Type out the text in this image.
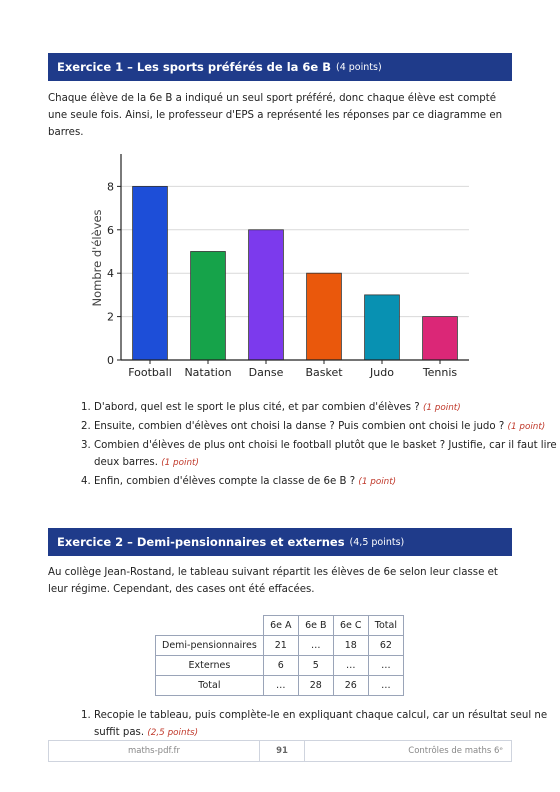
Exercice 1 – Les sports préférés de la 6e B (4 points)

Chaque élève de la 6e B a indiqué un seul sport préféré, donc chaque élève est compté une seule fois. Ainsi, le professeur d'EPS a représenté les réponses par ce diagramme en barres.

0
2
4
6
8
Football Natation Danse Basket Judo	Tennis
Nombre d'élèves
1. D'abord, quel est le sport le plus cité, et par combien d'élèves ? (1 point)
2. Ensuite, combien d'élèves ont choisi la danse ? Puis combien ont choisi le judo ? (1 point)
3. Combien d'élèves de plus ont choisi le football plutôt que le basket ? Justifie, car il faut lire deux barres. (1 point)
4. Enfin, combien d'élèves compte la classe de 6e B ? (1 point)
Exercice 2 – Demi-pensionnaires et externes (4,5 points)

Au collège Jean-Rostand, le tableau suivant répartit les élèves de 6e selon leur classe et leur régime. Cependant, des cases ont été effacées.

	6e A	6e B	6e C	Total
Demi-pensionnaires	21	…	18	62
Externes	6	5	…	…
Total	…	28	26	…
1. Recopie le tableau, puis complète-le en expliquant chaque calcul, car un résultat seul ne suffit pas. (2,5 points)
maths-pdf.fr	91	Contrôles de maths 6ᵉ
